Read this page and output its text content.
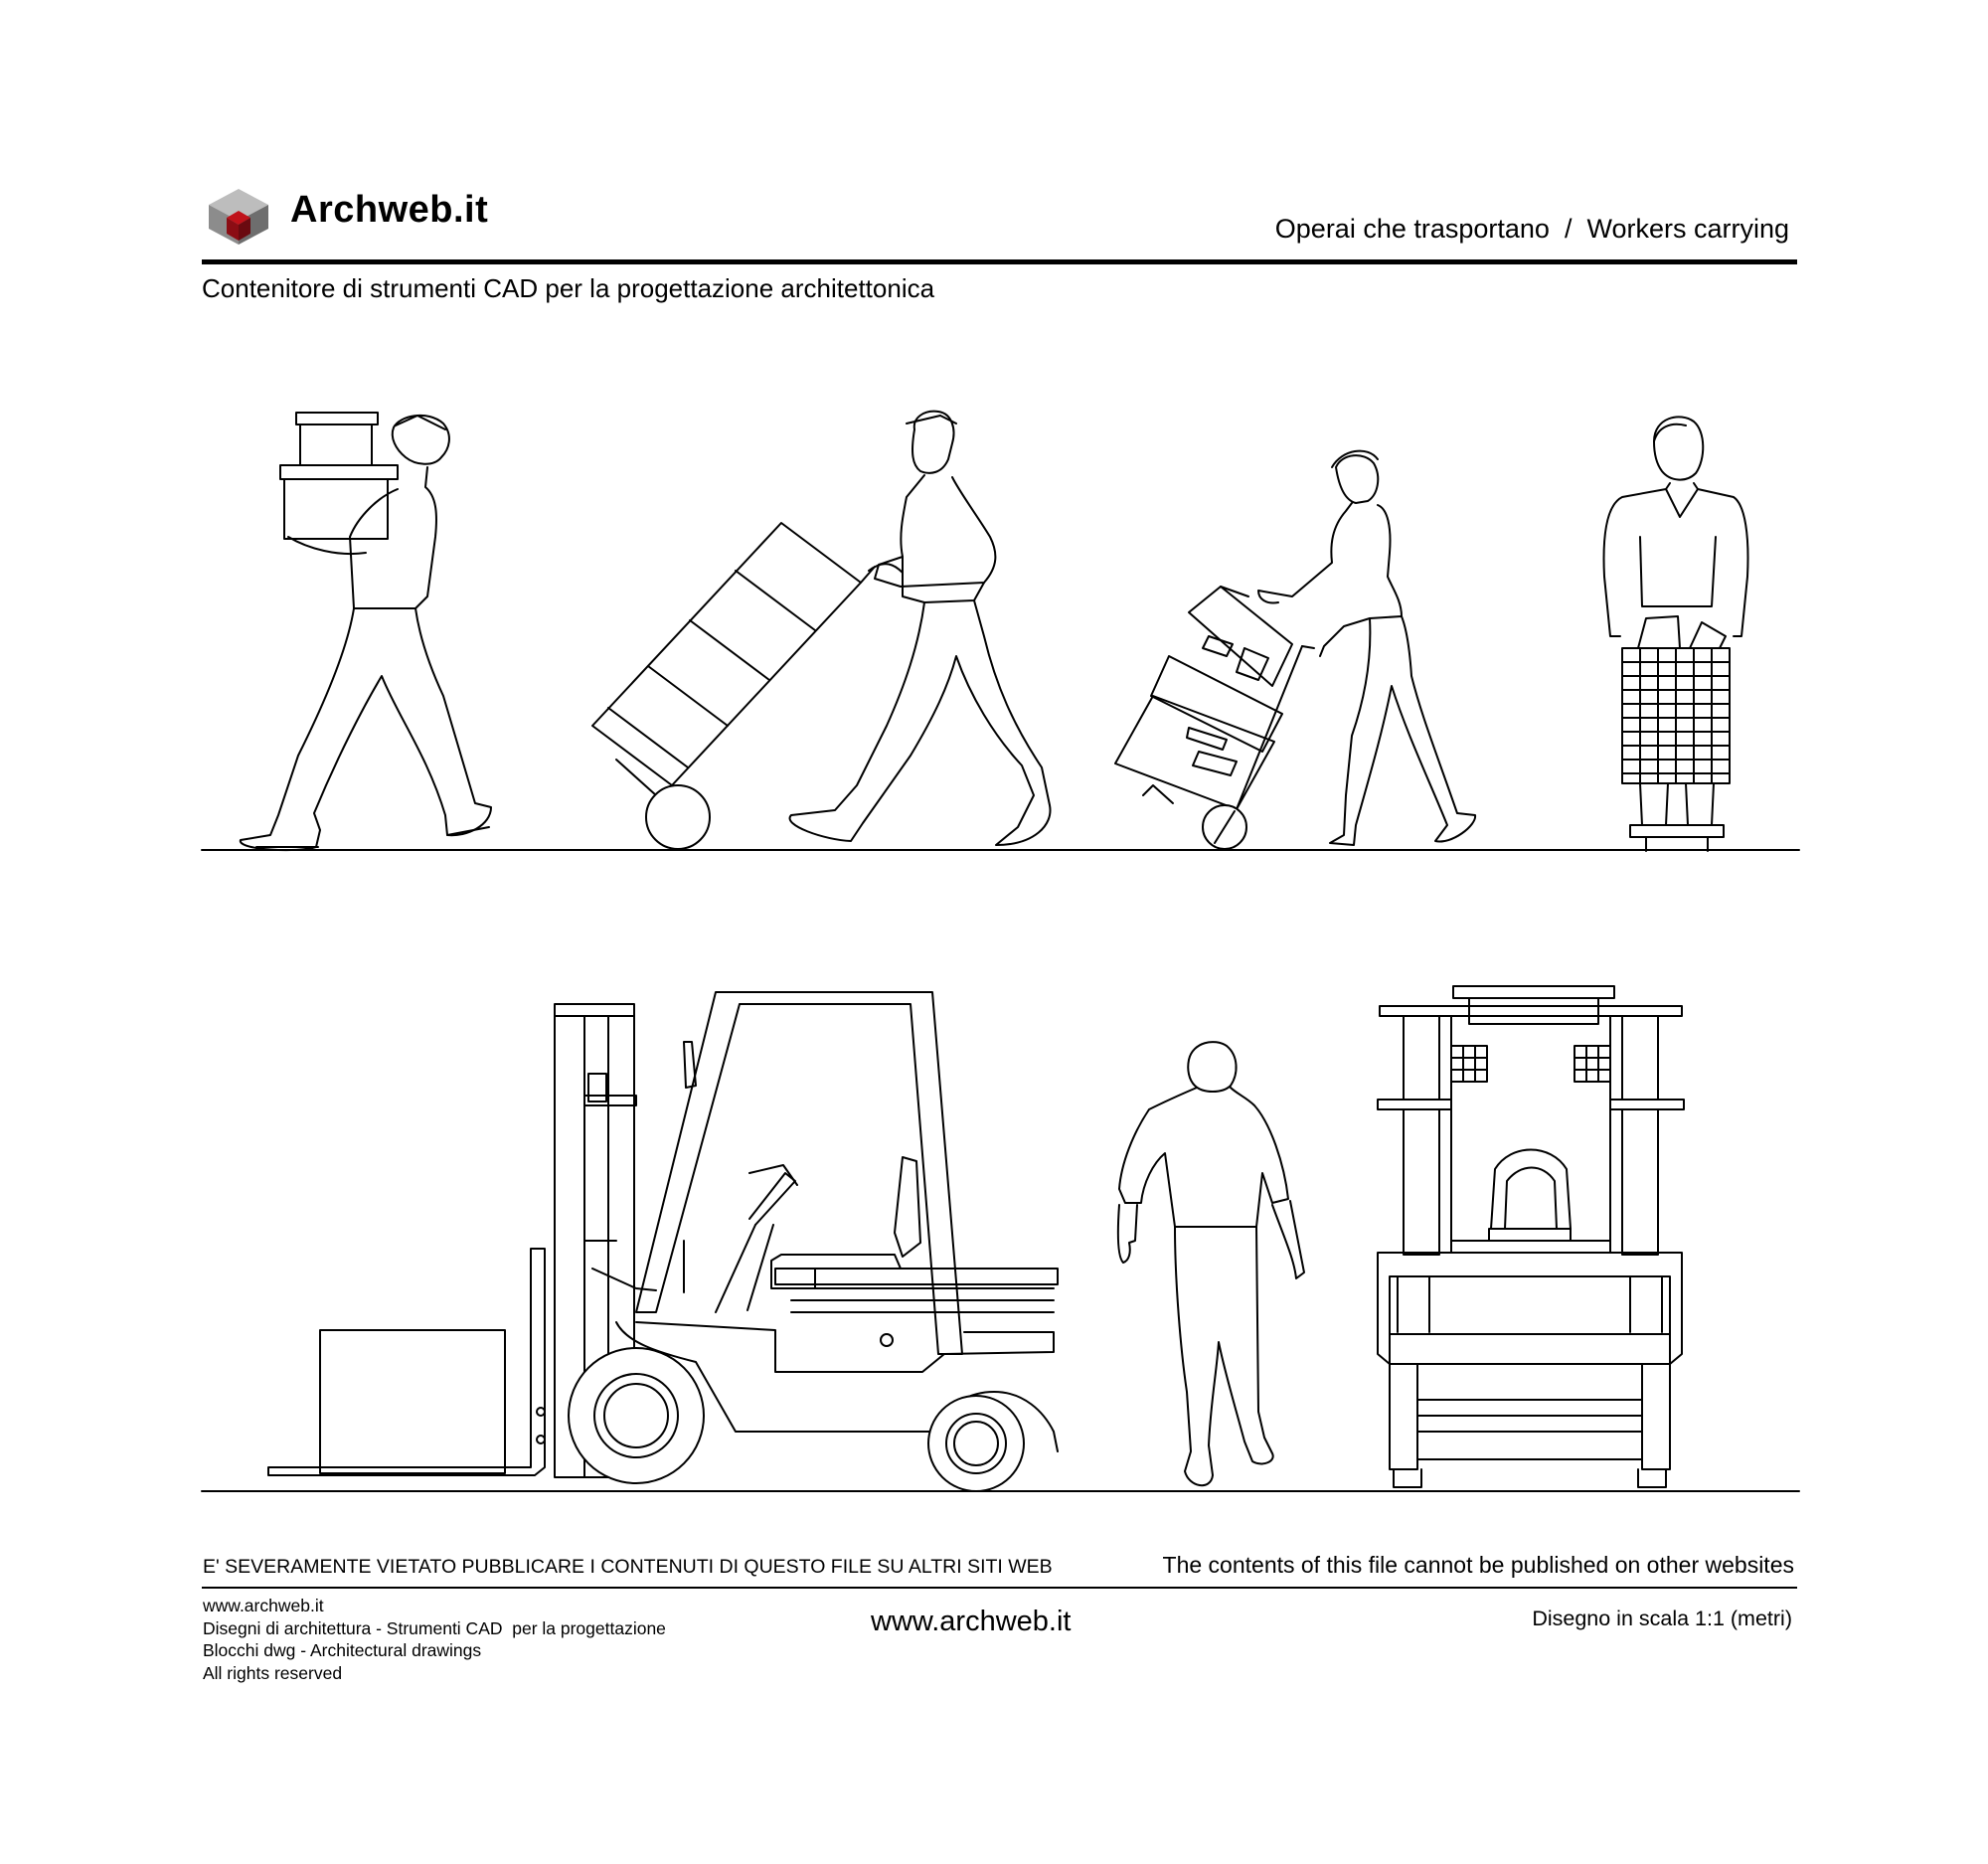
Archweb.it	Operai che trasportano  /  Workers carrying
Contenitore di strumenti CAD per la progettazione architettonica
E' SEVERAMENTE VIETATO PUBBLICARE I CONTENUTI DI QUESTO FILE SU ALTRI SITI WEB	The contents of this file cannot be published on other websites
www.archweb.it
Disegni di architettura - Strumenti CAD  per la progettazione
Blocchi dwg - Architectural drawings
All rights reserved
www.archweb.it	Disegno in scala 1:1 (metri)
